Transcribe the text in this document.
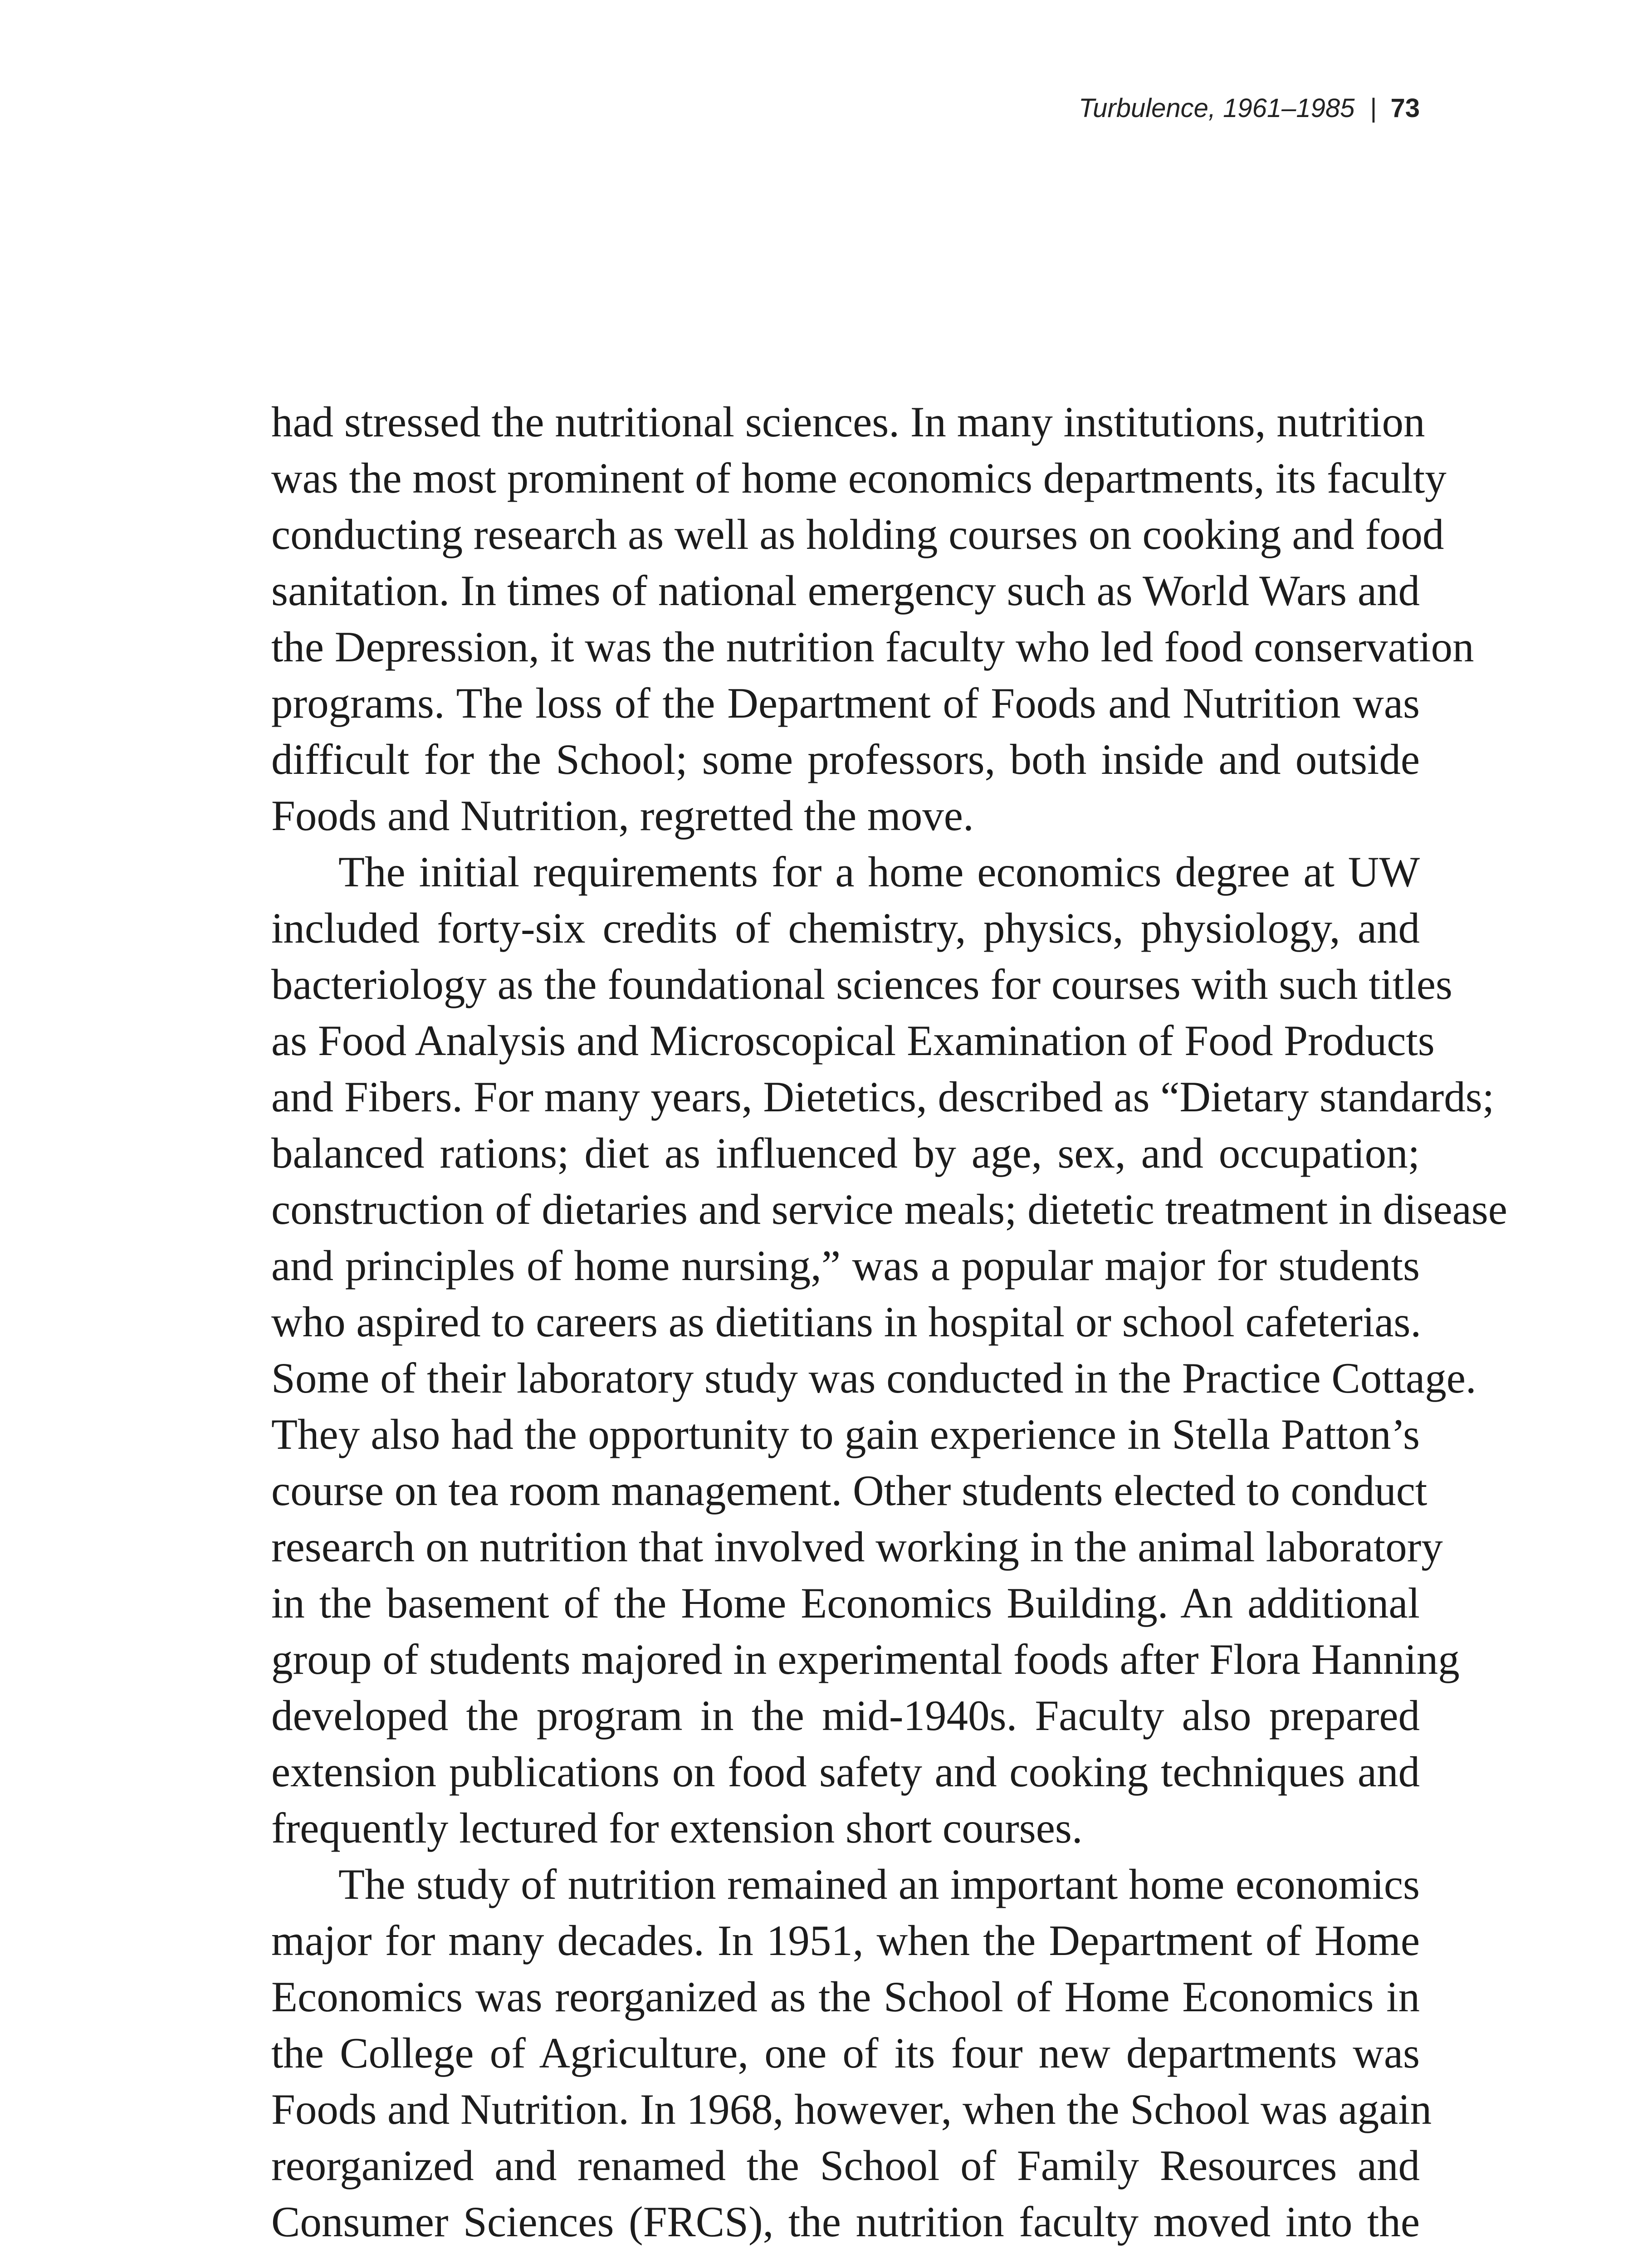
Turbulence, 1961–1985 | 73
had stressed the nutritional sciences. In many institutions, nutrition
was the most prominent of home economics departments, its faculty
conducting research as well as holding courses on cooking and food
sanitation. In times of national emergency such as World Wars and
the Depression, it was the nutrition faculty who led food conservation
programs. The loss of the Department of Foods and Nutrition was
difficult for the School; some professors, both inside and outside
Foods and Nutrition, regretted the move.
The initial requirements for a home economics degree at UW
included forty-six credits of chemistry, physics, physiology, and
bacteriology as the foundational sciences for courses with such titles
as Food Analysis and Microscopical Examination of Food Products
and Fibers. For many years, Dietetics, described as “Dietary standards;
balanced rations; diet as influenced by age, sex, and occupation;
construction of dietaries and service meals; dietetic treatment in disease
and principles of home nursing,” was a popular major for students
who aspired to careers as dietitians in hospital or school cafeterias.
Some of their laboratory study was conducted in the Practice Cottage.
They also had the opportunity to gain experience in Stella Patton’s
course on tea room management. Other students elected to conduct
research on nutrition that involved working in the animal laboratory
in the basement of the Home Economics Building. An additional
group of students majored in experimental foods after Flora Hanning
developed the program in the mid-1940s. Faculty also prepared
extension publications on food safety and cooking techniques and
frequently lectured for extension short courses.
The study of nutrition remained an important home economics
major for many decades. In 1951, when the Department of Home
Economics was reorganized as the School of Home Economics in
the College of Agriculture, one of its four new departments was
Foods and Nutrition. In 1968, however, when the School was again
reorganized and renamed the School of Family Resources and
Consumer Sciences (FRCS), the nutrition faculty moved into the
